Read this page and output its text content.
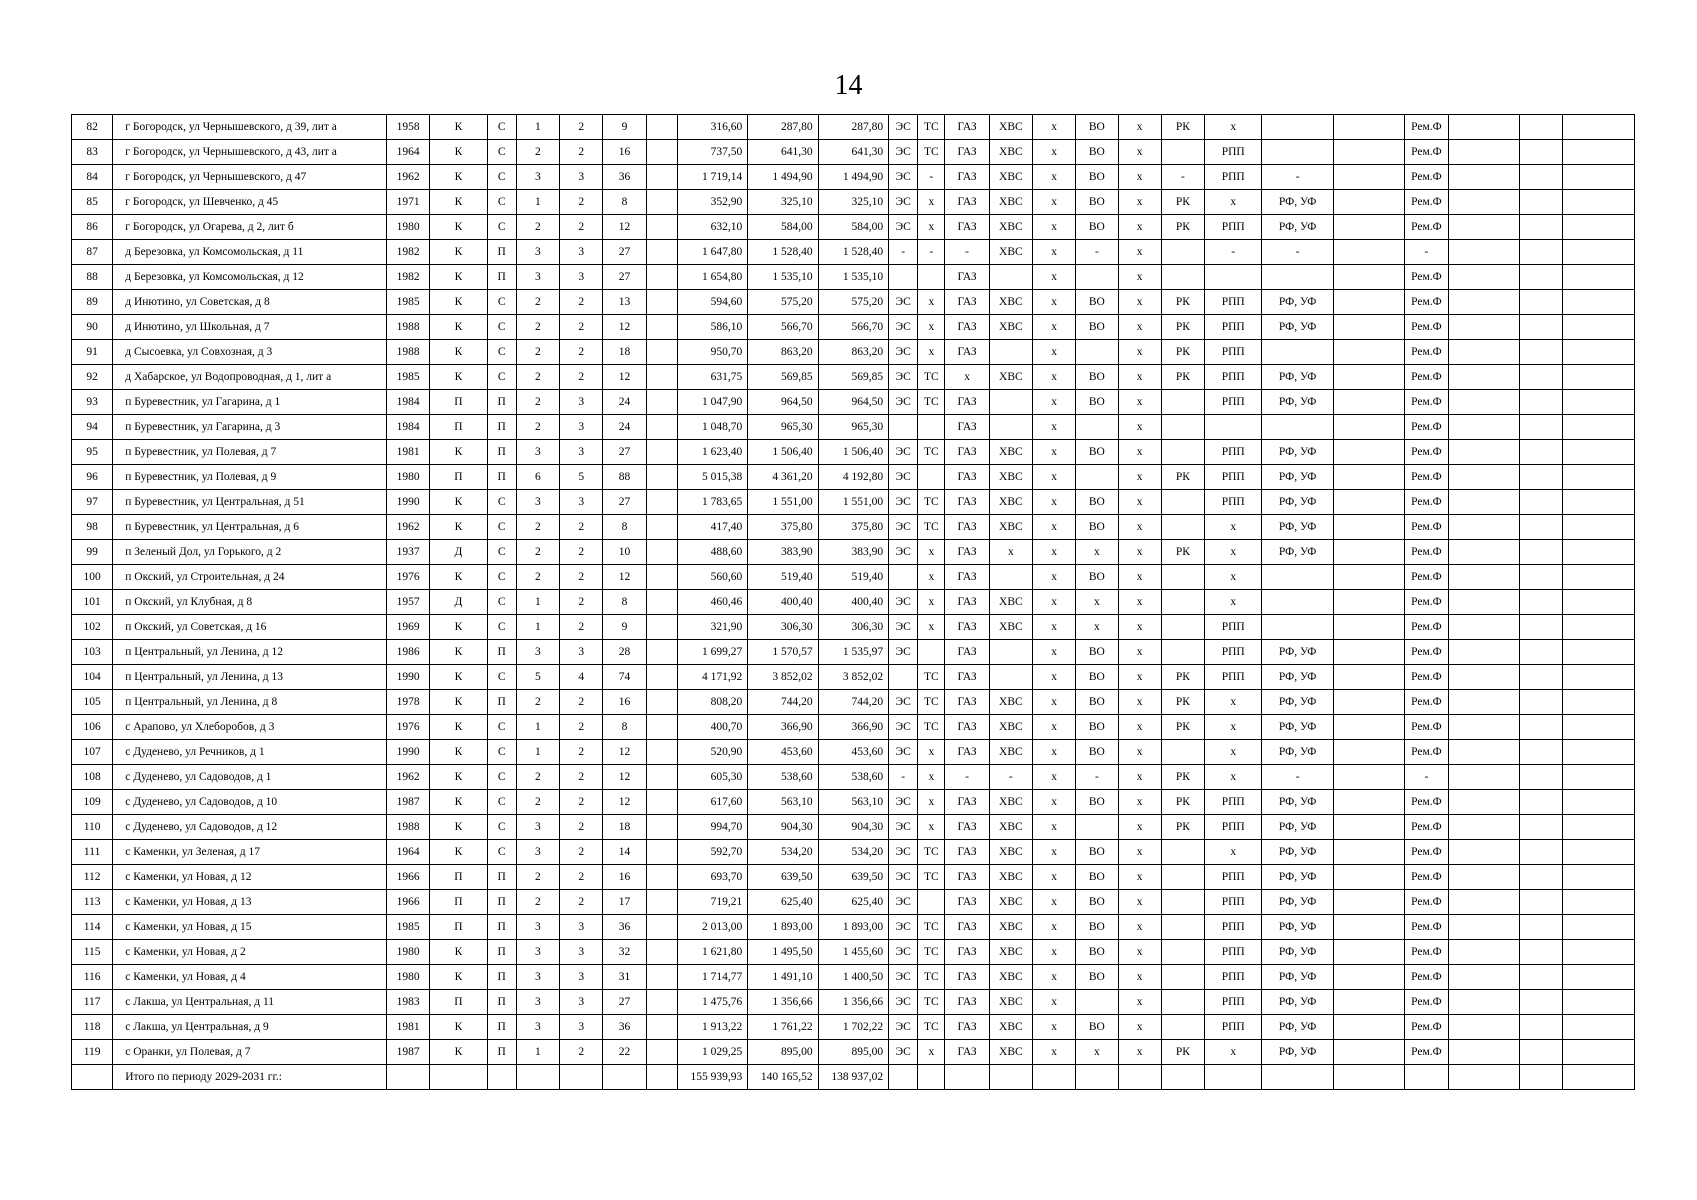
14
82	г Богородск, ул Чернышевского, д 39, лит а	1958	К	С	1	2	9		316,60	287,80	287,80	ЭС	ТС	ГАЗ	ХВС	х	ВО	х	РК	х			Рем.Ф			
83	г Богородск, ул Чернышевского, д 43, лит а	1964	К	С	2	2	16		737,50	641,30	641,30	ЭС	ТС	ГАЗ	ХВС	х	ВО	х		РПП			Рем.Ф			
84	г Богородск, ул Чернышевского, д 47	1962	К	С	3	3	36		1 719,14	1 494,90	1 494,90	ЭС	-	ГАЗ	ХВС	х	ВО	х	-	РПП	-		Рем.Ф			
85	г Богородск, ул Шевченко, д 45	1971	К	С	1	2	8		352,90	325,10	325,10	ЭС	х	ГАЗ	ХВС	х	ВО	х	РК	х	РФ, УФ		Рем.Ф			
86	г Богородск, ул Огарева, д 2, лит б	1980	К	С	2	2	12		632,10	584,00	584,00	ЭС	х	ГАЗ	ХВС	х	ВО	х	РК	РПП	РФ, УФ		Рем.Ф			
87	д Березовка, ул Комсомольская, д 11	1982	К	П	3	3	27		1 647,80	1 528,40	1 528,40	-	-	-	ХВС	х	-	х		-	-		-			
88	д Березовка, ул Комсомольская, д 12	1982	К	П	3	3	27		1 654,80	1 535,10	1 535,10			ГАЗ		х		х					Рем.Ф			
89	д Инютино, ул Советская, д 8	1985	К	С	2	2	13		594,60	575,20	575,20	ЭС	х	ГАЗ	ХВС	х	ВО	х	РК	РПП	РФ, УФ		Рем.Ф			
90	д Инютино, ул Школьная, д 7	1988	К	С	2	2	12		586,10	566,70	566,70	ЭС	х	ГАЗ	ХВС	х	ВО	х	РК	РПП	РФ, УФ		Рем.Ф			
91	д Сысоевка, ул Совхозная, д 3	1988	К	С	2	2	18		950,70	863,20	863,20	ЭС	х	ГАЗ		х		х	РК	РПП			Рем.Ф			
92	д Хабарское, ул Водопроводная, д 1, лит а	1985	К	С	2	2	12		631,75	569,85	569,85	ЭС	ТС	х	ХВС	х	ВО	х	РК	РПП	РФ, УФ		Рем.Ф			
93	п Буревестник, ул Гагарина, д 1	1984	П	П	2	3	24		1 047,90	964,50	964,50	ЭС	ТС	ГАЗ		х	ВО	х		РПП	РФ, УФ		Рем.Ф			
94	п Буревестник, ул Гагарина, д 3	1984	П	П	2	3	24		1 048,70	965,30	965,30			ГАЗ		х		х					Рем.Ф			
95	п Буревестник, ул Полевая, д 7	1981	К	П	3	3	27		1 623,40	1 506,40	1 506,40	ЭС	ТС	ГАЗ	ХВС	х	ВО	х		РПП	РФ, УФ		Рем.Ф			
96	п Буревестник, ул Полевая, д 9	1980	П	П	6	5	88		5 015,38	4 361,20	4 192,80	ЭС		ГАЗ	ХВС	х		х	РК	РПП	РФ, УФ		Рем.Ф			
97	п Буревестник, ул Центральная, д 51	1990	К	С	3	3	27		1 783,65	1 551,00	1 551,00	ЭС	ТС	ГАЗ	ХВС	х	ВО	х		РПП	РФ, УФ		Рем.Ф			
98	п Буревестник, ул Центральная, д 6	1962	К	С	2	2	8		417,40	375,80	375,80	ЭС	ТС	ГАЗ	ХВС	х	ВО	х		х	РФ, УФ		Рем.Ф			
99	п Зеленый Дол, ул Горького, д 2	1937	Д	С	2	2	10		488,60	383,90	383,90	ЭС	х	ГАЗ	х	х	х	х	РК	х	РФ, УФ		Рем.Ф			
100	п Окский, ул Строительная, д 24	1976	К	С	2	2	12		560,60	519,40	519,40		х	ГАЗ		х	ВО	х		х			Рем.Ф			
101	п Окский, ул Клубная, д 8	1957	Д	С	1	2	8		460,46	400,40	400,40	ЭС	х	ГАЗ	ХВС	х	х	х		х			Рем.Ф			
102	п Окский, ул Советская, д 16	1969	К	С	1	2	9		321,90	306,30	306,30	ЭС	х	ГАЗ	ХВС	х	х	х		РПП			Рем.Ф			
103	п Центральный, ул Ленина, д 12	1986	К	П	3	3	28		1 699,27	1 570,57	1 535,97	ЭС		ГАЗ		х	ВО	х		РПП	РФ, УФ		Рем.Ф			
104	п Центральный, ул Ленина, д 13	1990	К	С	5	4	74		4 171,92	3 852,02	3 852,02		ТС	ГАЗ		х	ВО	х	РК	РПП	РФ, УФ		Рем.Ф			
105	п Центральный, ул Ленина, д 8	1978	К	П	2	2	16		808,20	744,20	744,20	ЭС	ТС	ГАЗ	ХВС	х	ВО	х	РК	х	РФ, УФ		Рем.Ф			
106	с Арапово, ул Хлеборобов, д 3	1976	К	С	1	2	8		400,70	366,90	366,90	ЭС	ТС	ГАЗ	ХВС	х	ВО	х	РК	х	РФ, УФ		Рем.Ф			
107	с Дуденево, ул Речников, д 1	1990	К	С	1	2	12		520,90	453,60	453,60	ЭС	х	ГАЗ	ХВС	х	ВО	х		х	РФ, УФ		Рем.Ф			
108	с Дуденево, ул Садоводов, д 1	1962	К	С	2	2	12		605,30	538,60	538,60	-	х	-	-	х	-	х	РК	х	-		-			
109	с Дуденево, ул Садоводов, д 10	1987	К	С	2	2	12		617,60	563,10	563,10	ЭС	х	ГАЗ	ХВС	х	ВО	х	РК	РПП	РФ, УФ		Рем.Ф			
110	с Дуденево, ул Садоводов, д 12	1988	К	С	3	2	18		994,70	904,30	904,30	ЭС	х	ГАЗ	ХВС	х		х	РК	РПП	РФ, УФ		Рем.Ф			
111	с Каменки, ул Зеленая, д 17	1964	К	С	3	2	14		592,70	534,20	534,20	ЭС	ТС	ГАЗ	ХВС	х	ВО	х		х	РФ, УФ		Рем.Ф			
112	с Каменки, ул Новая, д 12	1966	П	П	2	2	16		693,70	639,50	639,50	ЭС	ТС	ГАЗ	ХВС	х	ВО	х		РПП	РФ, УФ		Рем.Ф			
113	с Каменки, ул Новая, д 13	1966	П	П	2	2	17		719,21	625,40	625,40	ЭС		ГАЗ	ХВС	х	ВО	х		РПП	РФ, УФ		Рем.Ф			
114	с Каменки, ул Новая, д 15	1985	П	П	3	3	36		2 013,00	1 893,00	1 893,00	ЭС	ТС	ГАЗ	ХВС	х	ВО	х		РПП	РФ, УФ		Рем.Ф			
115	с Каменки, ул Новая, д 2	1980	К	П	3	3	32		1 621,80	1 495,50	1 455,60	ЭС	ТС	ГАЗ	ХВС	х	ВО	х		РПП	РФ, УФ		Рем.Ф			
116	с Каменки, ул Новая, д 4	1980	К	П	3	3	31		1 714,77	1 491,10	1 400,50	ЭС	ТС	ГАЗ	ХВС	х	ВО	х		РПП	РФ, УФ		Рем.Ф			
117	с Лакша, ул Центральная, д 11	1983	П	П	3	3	27		1 475,76	1 356,66	1 356,66	ЭС	ТС	ГАЗ	ХВС	х		х		РПП	РФ, УФ		Рем.Ф			
118	с Лакша, ул Центральная, д 9	1981	К	П	3	3	36		1 913,22	1 761,22	1 702,22	ЭС	ТС	ГАЗ	ХВС	х	ВО	х		РПП	РФ, УФ		Рем.Ф			
119	с Оранки, ул Полевая, д 7	1987	К	П	1	2	22		1 029,25	895,00	895,00	ЭС	х	ГАЗ	ХВС	х	х	х	РК	х	РФ, УФ		Рем.Ф			
	Итого по периоду 2029-2031 гг.:								155 939,93	140 165,52	138 937,02															
